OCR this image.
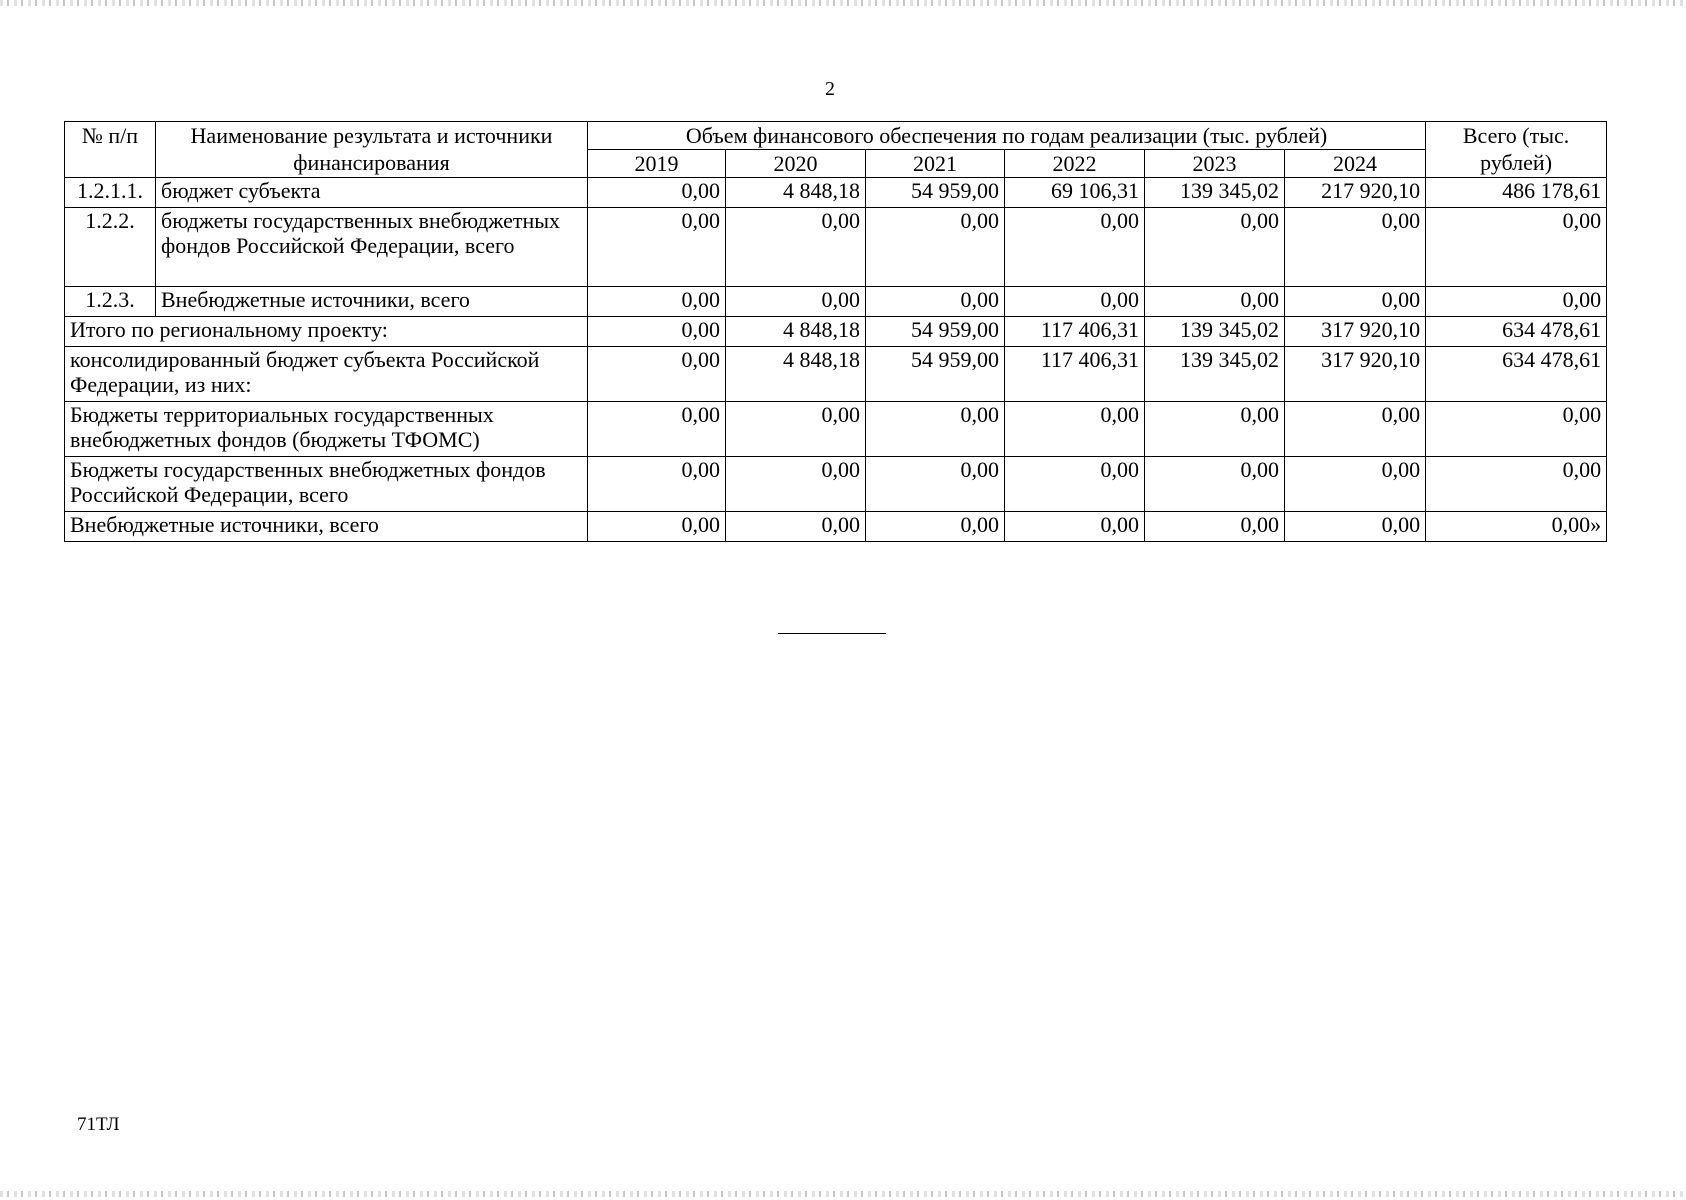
2
№ п/п	Наименование результата и источники финансирования	Объем финансового обеспечения по годам реализации (тыс. рублей)						Всего (тыс. рублей)
		2019	2020	2021	2022	2023	2024	
1.2.1.1.	бюджет субъекта	0,00	4 848,18	54 959,00	69 106,31	139 345,02	217 920,10	486 178,61
1.2.2.	бюджеты государственных внебюджетных фондов Российской Федерации, всего	0,00	0,00	0,00	0,00	0,00	0,00	0,00
1.2.3.	Внебюджетные источники, всего	0,00	0,00	0,00	0,00	0,00	0,00	0,00
Итого по региональному проекту:		0,00	4 848,18	54 959,00	117 406,31	139 345,02	317 920,10	634 478,61
консолидированный бюджет субъекта Российской Федерации, из них:		0,00	4 848,18	54 959,00	117 406,31	139 345,02	317 920,10	634 478,61
Бюджеты территориальных государственных внебюджетных фондов (бюджеты ТФОМС)		0,00	0,00	0,00	0,00	0,00	0,00	0,00
Бюджеты государственных внебюджетных фондов Российской Федерации, всего		0,00	0,00	0,00	0,00	0,00	0,00	0,00
Внебюджетные источники, всего		0,00	0,00	0,00	0,00	0,00	0,00	0,00»
71ТЛ
